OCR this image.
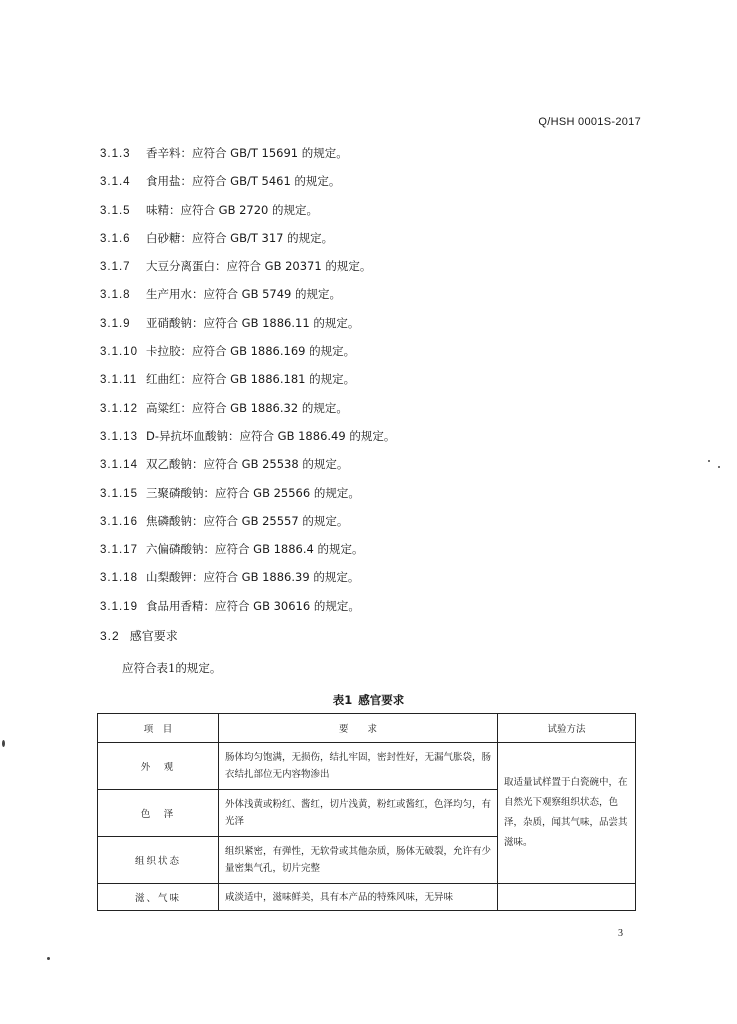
Q/HSH 0001S-2017
3.1.3 香辛料：应符合 GB/T 15691 的规定。
3.1.4 食用盐：应符合 GB/T 5461 的规定。
3.1.5 味精：应符合 GB 2720 的规定。
3.1.6 白砂糖：应符合 GB/T 317 的规定。
3.1.7 大豆分离蛋白：应符合 GB 20371 的规定。
3.1.8 生产用水：应符合 GB 5749 的规定。
3.1.9 亚硝酸钠：应符合 GB 1886.11 的规定。
3.1.10 卡拉胶：应符合 GB 1886.169 的规定。
3.1.11 红曲红：应符合 GB 1886.181 的规定。
3.1.12 高粱红：应符合 GB 1886.32 的规定。
3.1.13 D-异抗坏血酸钠：应符合 GB 1886.49 的规定。
3.1.14 双乙酸钠：应符合 GB 25538 的规定。
3.1.15 三聚磷酸钠：应符合 GB 25566 的规定。
3.1.16 焦磷酸钠：应符合 GB 25557 的规定。
3.1.17 六偏磷酸钠：应符合 GB 1886.4 的规定。
3.1.18 山梨酸钾：应符合 GB 1886.39 的规定。
3.1.19 食品用香精：应符合 GB 30616 的规定。
3.2 感官要求
应符合表1的规定。
表1 感官要求
项　目	要　　求	试验方法
外　观	肠体均匀饱满，无损伤，结扎牢固，密封性好，无漏气胀袋，肠衣结扎部位无内容物渗出	取适量试样置于白瓷碗中，在自然光下观察组织状态，色泽，杂质，闻其气味，品尝其滋味。
色　泽	外体浅黄或粉红、酱红，切片浅黄，粉红或酱红，色泽均匀，有光泽	
组织状态	组织紧密，有弹性，无软骨或其他杂质，肠体无破裂，允许有少量密集气孔，切片完整	
滋、气味	咸淡适中，滋味鲜美，具有本产品的特殊风味，无异味	
3
